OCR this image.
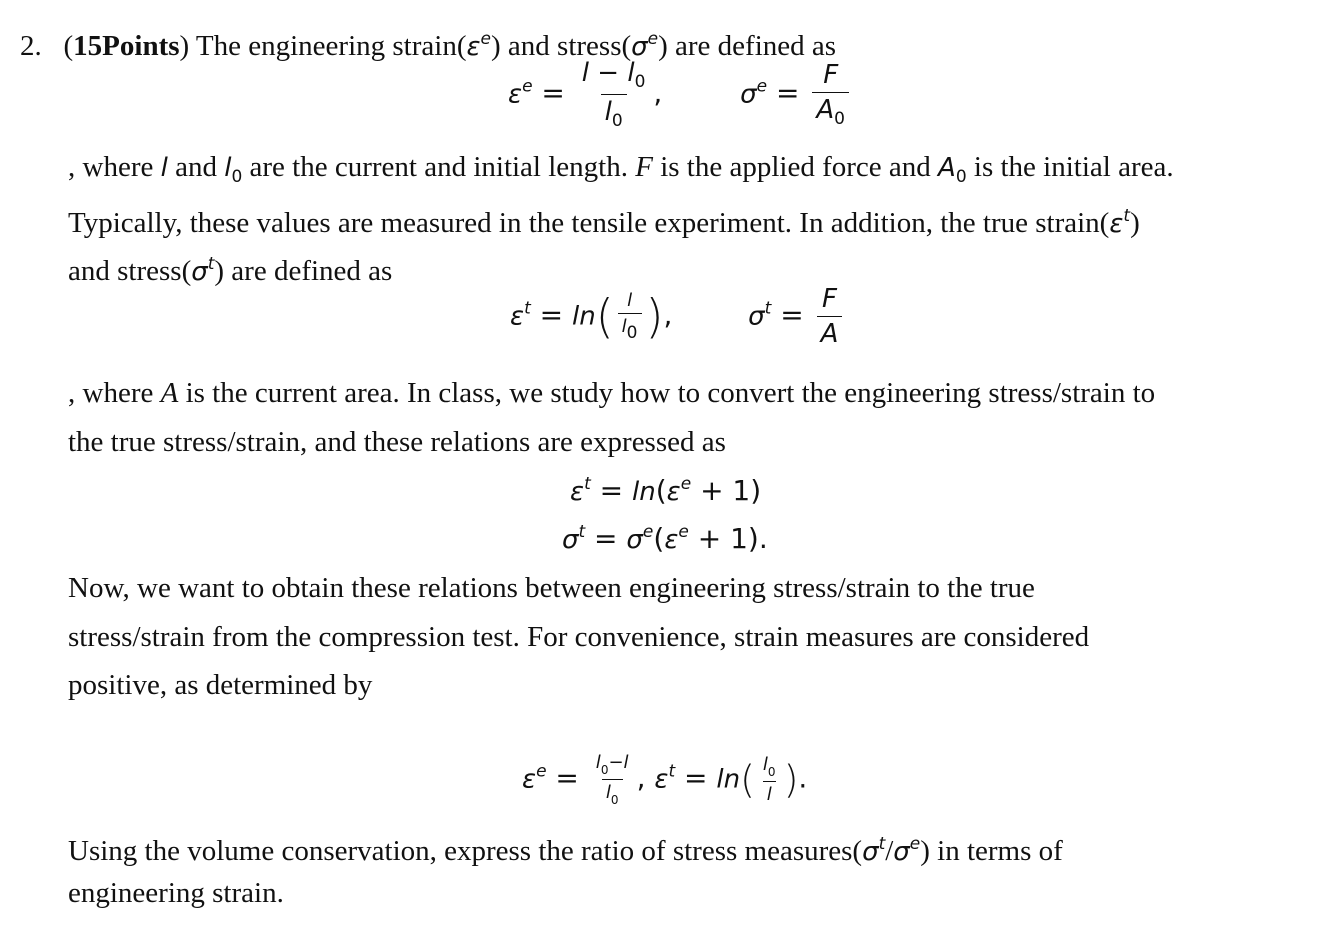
2. (15Points) The engineering $strain(\varepsilon^e)$ and $stress(\sigma^e)$ are defined as
$\varepsilon^e = \frac{l - l_0}{l_0}$ ,	$\sigma^e = \frac{F}{A_0}$
, where l and $l_0$ are the current and initial length. F is the applied force and $A_0$ is the initial area.
Typically, these values are measured in the tensile experiment. In addition, the true $strain(\varepsilon^t)$
and $stress(\sigma^t)$ are defined as
$\varepsilon^t = \ln( \frac{l}{l0}$ ),	$\sigma^t = \frac{F}{A}$
, where A is the current area. In class, we study how to convert the engineering stress/strain to
the true stress/strain, and these relations are expressed as
$\varepsilon^t = \ln(\varepsilon^e + 1)$
$\sigma^t = \sigma^e(\varepsilon^e + 1)$.
Now, we want to obtain these relations between engineering stress/strain to the true
stress/strain from the compression test. For convenience, strain measures are considered
positive, as determined by
$\varepsilon^e = \frac{l_0-l}{l_0}$ , $\varepsilon^t = \ln( \frac{l_0}{l}$ ).
Using the volume conservation, express the ratio of stress $measures(\sigma^t/\sigma^e)$ in terms of
engineering strain.
